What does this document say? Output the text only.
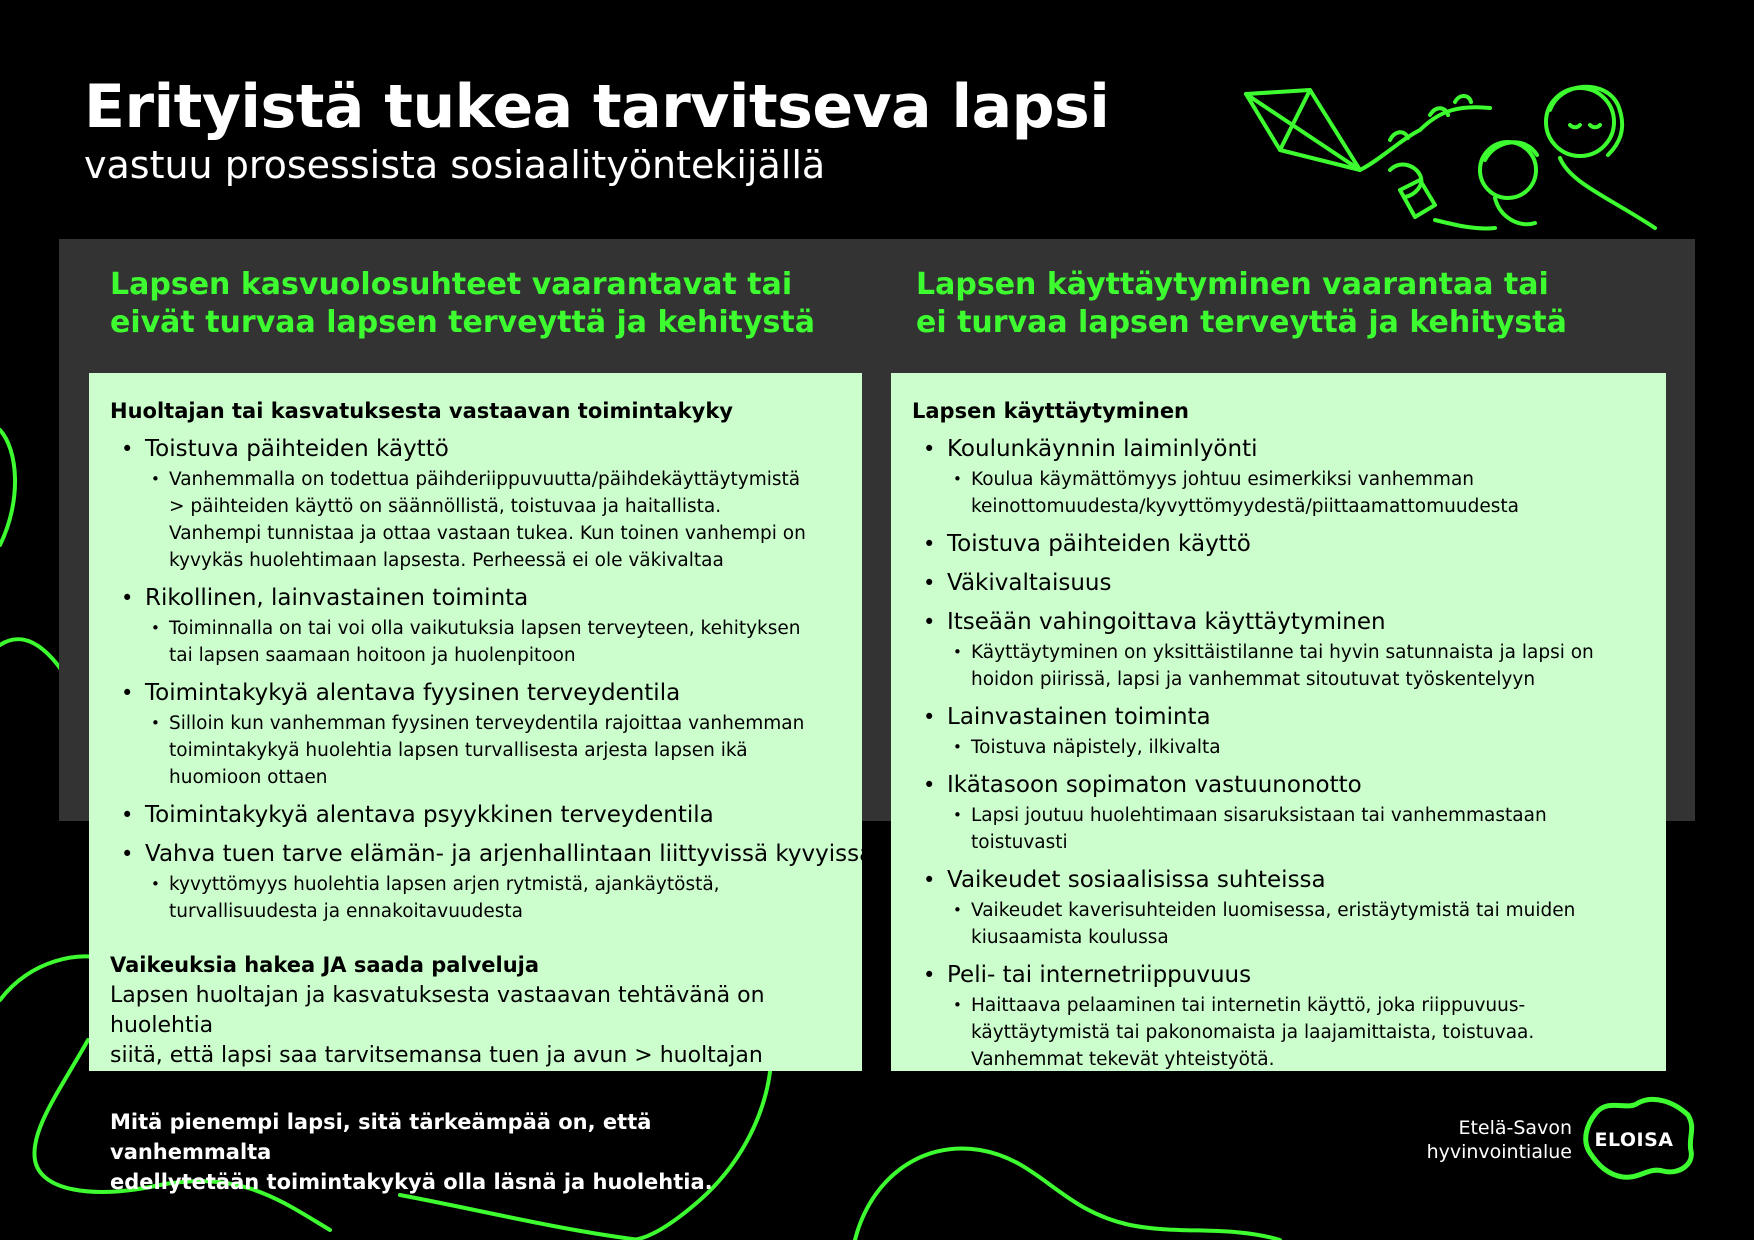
Erityistä tukea tarvitseva lapsi
vastuu prosessista sosiaalityöntekijällä
Lapsen kasvuolosuhteet vaarantavat tai
eivät turvaa lapsen terveyttä ja kehitystä
Lapsen käyttäytyminen vaarantaa tai
ei turvaa lapsen terveyttä ja kehitystä
Huoltajan tai kasvatuksesta vastaavan toimintakyky
• Toistuva päihteiden käyttö
• Vanhemmalla on todettua päihderiippuvuutta/päihdekäyttäytymistä
> päihteiden käyttö on säännöllistä, toistuvaa ja haitallista.
Vanhempi tunnistaa ja ottaa vastaan tukea. Kun toinen vanhempi on
kyvykäs huolehtimaan lapsesta. Perheessä ei ole väkivaltaa
• Rikollinen, lainvastainen toiminta
• Toiminnalla on tai voi olla vaikutuksia lapsen terveyteen, kehityksen
tai lapsen saamaan hoitoon ja huolenpitoon
• Toimintakykyä alentava fyysinen terveydentila
• Silloin kun vanhemman fyysinen terveydentila rajoittaa vanhemman
toimintakykyä huolehtia lapsen turvallisesta arjesta lapsen ikä
huomioon ottaen
• Toimintakykyä alentava psyykkinen terveydentila
• Vahva tuen tarve elämän- ja arjenhallintaan liittyvissä kyvyissä
• kyvyttömyys huolehtia lapsen arjen rytmistä, ajankäytöstä,
turvallisuudesta ja ennakoitavuudesta
Vaikeuksia hakea JA saada palveluja

Lapsen huoltajan ja kasvatuksesta vastaavan tehtävänä on huolehtia
siitä, että lapsi saa tarvitsemansa tuen ja avun > huoltajan tehtävä.

Lapsen käyttäytyminen
• Koulunkäynnin laiminlyönti
• Koulua käymättömyys johtuu esimerkiksi vanhemman
keinottomuudesta/kyvyttömyydestä/piittaamattomuudesta
• Toistuva päihteiden käyttö
• Väkivaltaisuus
• Itseään vahingoittava käyttäytyminen
• Käyttäytyminen on yksittäistilanne tai hyvin satunnaista ja lapsi on
hoidon piirissä, lapsi ja vanhemmat sitoutuvat työskentelyyn
• Lainvastainen toiminta
• Toistuva näpistely, ilkivalta
• Ikätasoon sopimaton vastuunonotto
• Lapsi joutuu huolehtimaan sisaruksistaan tai vanhemmastaan toistuvasti
• Vaikeudet sosiaalisissa suhteissa
• Vaikeudet kaverisuhteiden luomisessa, eristäytymistä tai muiden
kiusaamista koulussa
• Peli- tai internetriippuvuus
• Haittaava pelaaminen tai internetin käyttö, joka riippuvuus-
käyttäytymistä tai pakonomaista ja laajamittaista, toistuvaa.
Vanhemmat tekevät yhteistyötä.
Mitä pienempi lapsi, sitä tärkeämpää on, että vanhemmalta
edellytetään toimintakykyä olla läsnä ja huolehtia.
Etelä-Savon
hyvinvointialue
ELOISA
